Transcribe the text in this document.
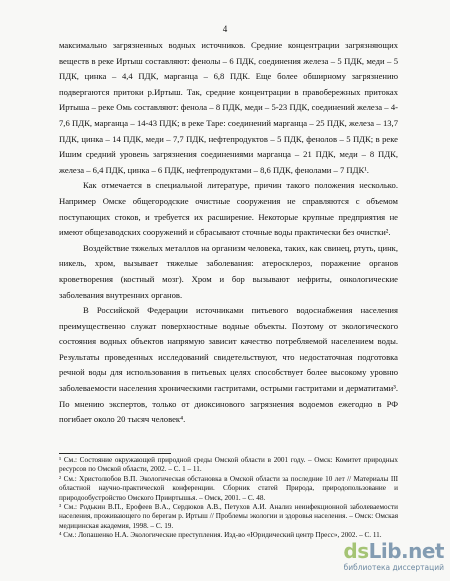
4

максимально загрязненных водных источников. Средние концентрации загрязняющих веществ в реке Иртыш составляют: фенолы – 6 ПДК, соединения железа – 5 ПДК, меди – 5 ПДК, цинка – 4,4 ПДК, марганца – 6,8 ПДК. Еще более обширному загрязнению подвергаются притоки р.Иртыш. Так, средние концентрации в правобережных притоках Иртыша – реке Омь составляют: фенола – 8 ПДК, меди – 5-23 ПДК, соединений железа – 4-7,6 ПДК, марганца – 14-43 ПДК; в реке Таре: соединений марганца – 25 ПДК, железа – 13,7 ПДК, цинка – 14 ПДК, меди – 7,7 ПДК, нефтепродуктов – 5 ПДК, фенолов – 5 ПДК; в реке Ишим средний уровень загрязнения соединениями марганца – 21 ПДК, меди – 8 ПДК, железа – 6,4 ПДК, цинка – 6 ПДК, нефтепродуктами – 8,6 ПДК, фенолами – 7 ПДК¹.

Как отмечается в специальной литературе, причин такого положения несколько. Например Омске общегородские очистные сооружения не справляются с объемом поступающих стоков, и требуется их расширение. Некоторые крупные предприятия не имеют общезаводских сооружений и сбрасывают сточные воды практически без очистки².

Воздействие тяжелых металлов на организм человека, таких, как свинец, ртуть, цинк, никель, хром, вызывает тяжелые заболевания: атеросклероз, поражение органов кроветворения (костный мозг). Хром и бор вызывают нефриты, онкологические заболевания внутренних органов.

В Российской Федерации источниками питьевого водоснабжения населения преимущественно служат поверхностные водные объекты. Поэтому от экологического состояния водных объектов напрямую зависит качество потребляемой населением воды. Результаты проведенных исследований свидетельствуют, что недостаточная подготовка речной воды для использования в питьевых целях способствует более высокому уровню заболеваемости населения хроническими гастритами, острыми гастритами и дерматитами³. По мнению экспертов, только от диоксинового загрязнения водоемов ежегодно в РФ погибает около 20 тысяч человек⁴.

¹ См.: Состояние окружающей природной среды Омской области в 2001 году. – Омск: Комитет природных ресурсов по Омской области, 2002. – С. 1 – 11.

² См.: Христолюбов В.П. Экологическая обстановка в Омской области за последние 10 лет // Материалы III областной научно-практической конференции. Сборник статей Природа, природопользование и природообустройство Омского Прииртышья. – Омск, 2001. – С. 48.

³ См.: Родькин В.П., Ерофеев В.А., Сердюков А.В., Петухов А.И. Анализ неинфекционной заболеваемости населения, проживающего по берегам р. Иртыш // Проблемы экологии и здоровья населения. – Омск: Омская медицинская академия, 1998. – С. 19.

⁴ См.: Лопашенко Н.А. Экологические преступления. Изд-во «Юридический центр Пресс», 2002. – С. 11.

dsLib.net
библиотека диссертаций
